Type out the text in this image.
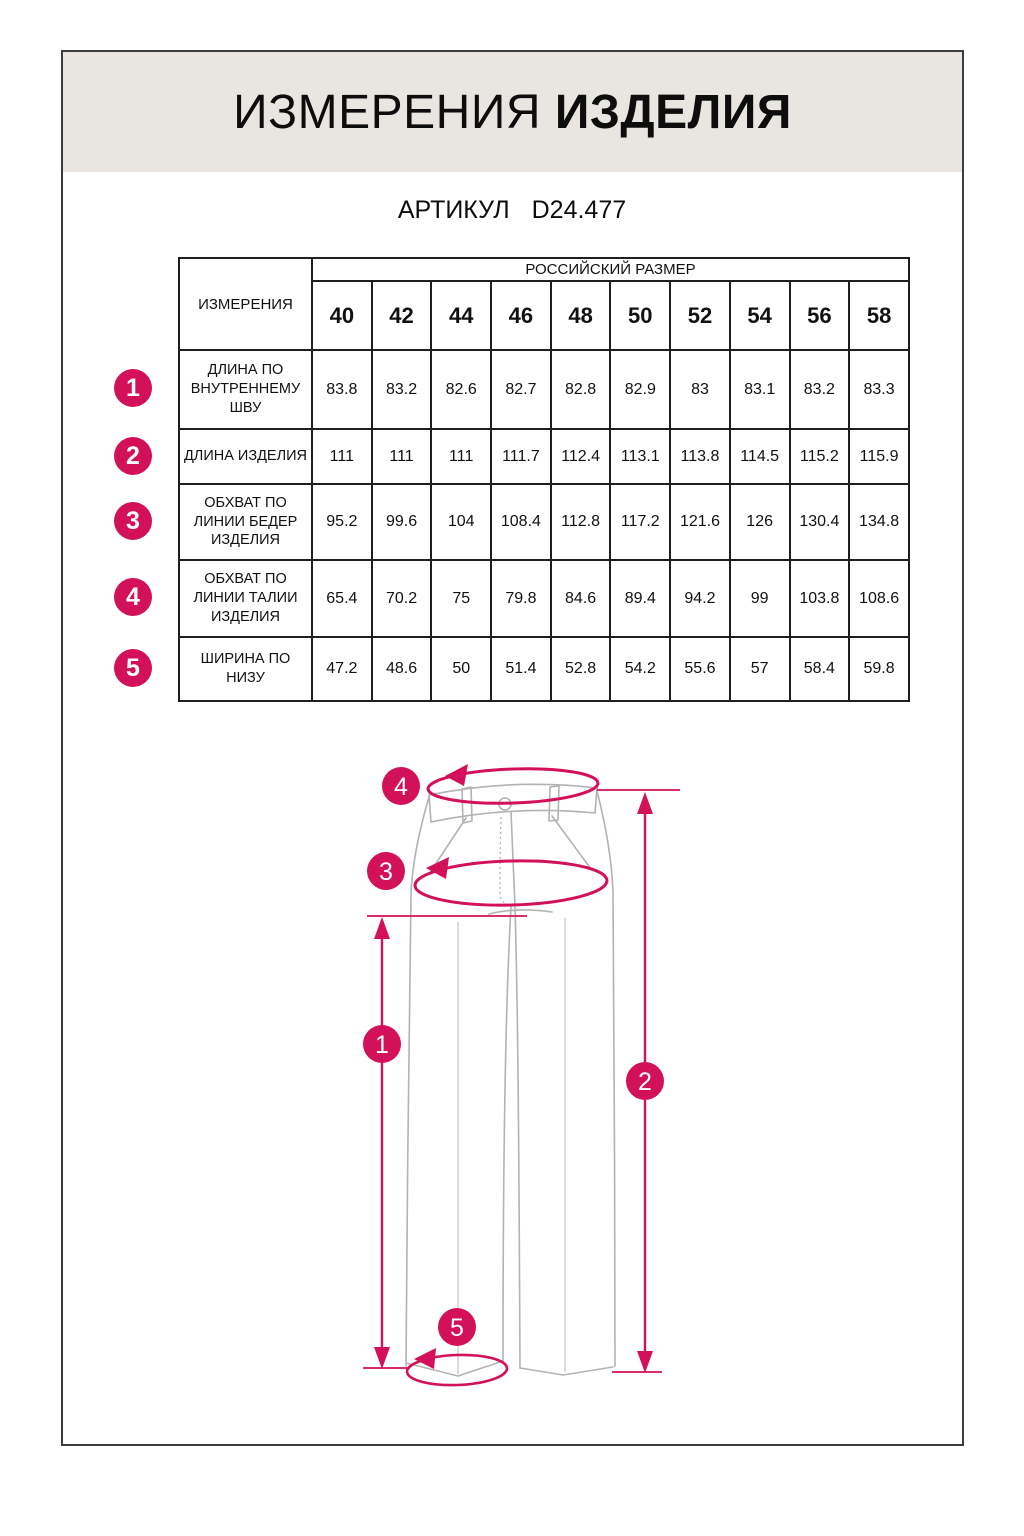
ИЗМЕРЕНИЯ ИЗДЕЛИЯ
АРТИКУЛ D24.477
ИЗМЕРЕНИЯ	РОССИЙСКИЙ РАЗМЕР									
	40	42	44	46	48	50	52	54	56	58
ДЛИНА ПО ВНУТРЕННЕМУ ШВУ	83.8	83.2	82.6	82.7	82.8	82.9	83	83.1	83.2	83.3
ДЛИНА ИЗДЕЛИЯ	111	111	111	111.7	112.4	113.1	113.8	114.5	115.2	115.9
ОБХВАТ ПО ЛИНИИ БЕДЕР ИЗДЕЛИЯ	95.2	99.6	104	108.4	112.8	117.2	121.6	126	130.4	134.8
ОБХВАТ ПО ЛИНИИ ТАЛИИ ИЗДЕЛИЯ	65.4	70.2	75	79.8	84.6	89.4	94.2	99	103.8	108.6
ШИРИНА ПО НИЗУ	47.2	48.6	50	51.4	52.8	54.2	55.6	57	58.4	59.8
1
2
3
4
5
4
3
1
2
5
